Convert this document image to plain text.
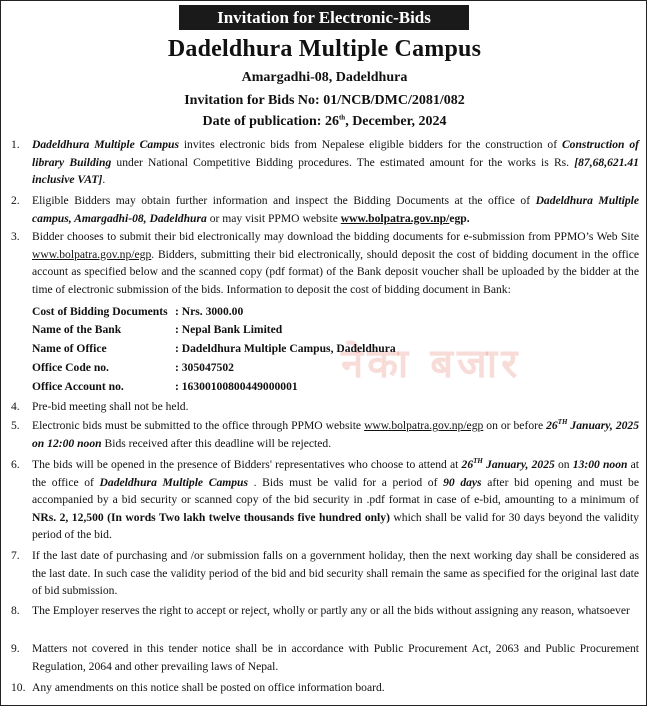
नेका बजार
Invitation for Electronic-Bids
Dadeldhura Multiple Campus
Amargadhi-08, Dadeldhura
Invitation for Bids No: 01/NCB/DMC/2081/082
Date of publication: 26th, December, 2024
1. Dadeldhura Multiple Campus invites electronic bids from Nepalese eligible bidders for the construction of Construction of library Building under National Competitive Bidding procedures. The estimated amount for the works is Rs. [87,68,621.41 inclusive VAT].
2. Eligible Bidders may obtain further information and inspect the Bidding Documents at the office of Dadeldhura Multiple campus, Amargadhi-08, Dadeldhura or may visit PPMO website www.bolpatra.gov.np/egp.
3. Bidder chooses to submit their bid electronically may download the bidding documents for e-submission from PPMO’s Web Site www.bolpatra.gov.np/egp. Bidders, submitting their bid electronically, should deposit the cost of bidding document in the office account as specified below and the scanned copy (pdf format) of the Bank deposit voucher shall be uploaded by the bidder at the time of electronic submission of the bids. Information to deposit the cost of bidding document in Bank:
Cost of Bidding Documents : Nrs. 3000.00
Name of the Bank	: Nepal Bank Limited
Name of Office	: Dadeldhura Multiple Campus, Dadeldhura
Office Code no.	: 305047502
Office Account no.	: 16300100800449000001
4. Pre-bid meeting shall not be held.
5. Electronic bids must be submitted to the office through PPMO website www.bolpatra.gov.np/egp on or before 26TH January, 2025 on 12:00 noon Bids received after this deadline will be rejected.
6. The bids will be opened in the presence of Bidders' representatives who choose to attend at 26TH January, 2025 on 13:00 noon at the office of Dadeldhura Multiple Campus . Bids must be valid for a period of 90 days after bid opening and must be accompanied by a bid security or scanned copy of the bid security in .pdf format in case of e-bid, amounting to a minimum of NRs. 2, 12,500 (In words Two lakh twelve thousands five hundred only) which shall be valid for 30 days beyond the validity period of the bid.
7. If the last date of purchasing and /or submission falls on a government holiday, then the next working day shall be considered as the last date. In such case the validity period of the bid and bid security shall remain the same as specified for the original last date of bid submission.
8. The Employer reserves the right to accept or reject, wholly or partly any or all the bids without assigning any reason, whatsoever
9. Matters not covered in this tender notice shall be in accordance with Public Procurement Act, 2063 and Public Procurement Regulation, 2064 and other prevailing laws of Nepal.
10. Any amendments on this notice shall be posted on office information board.
